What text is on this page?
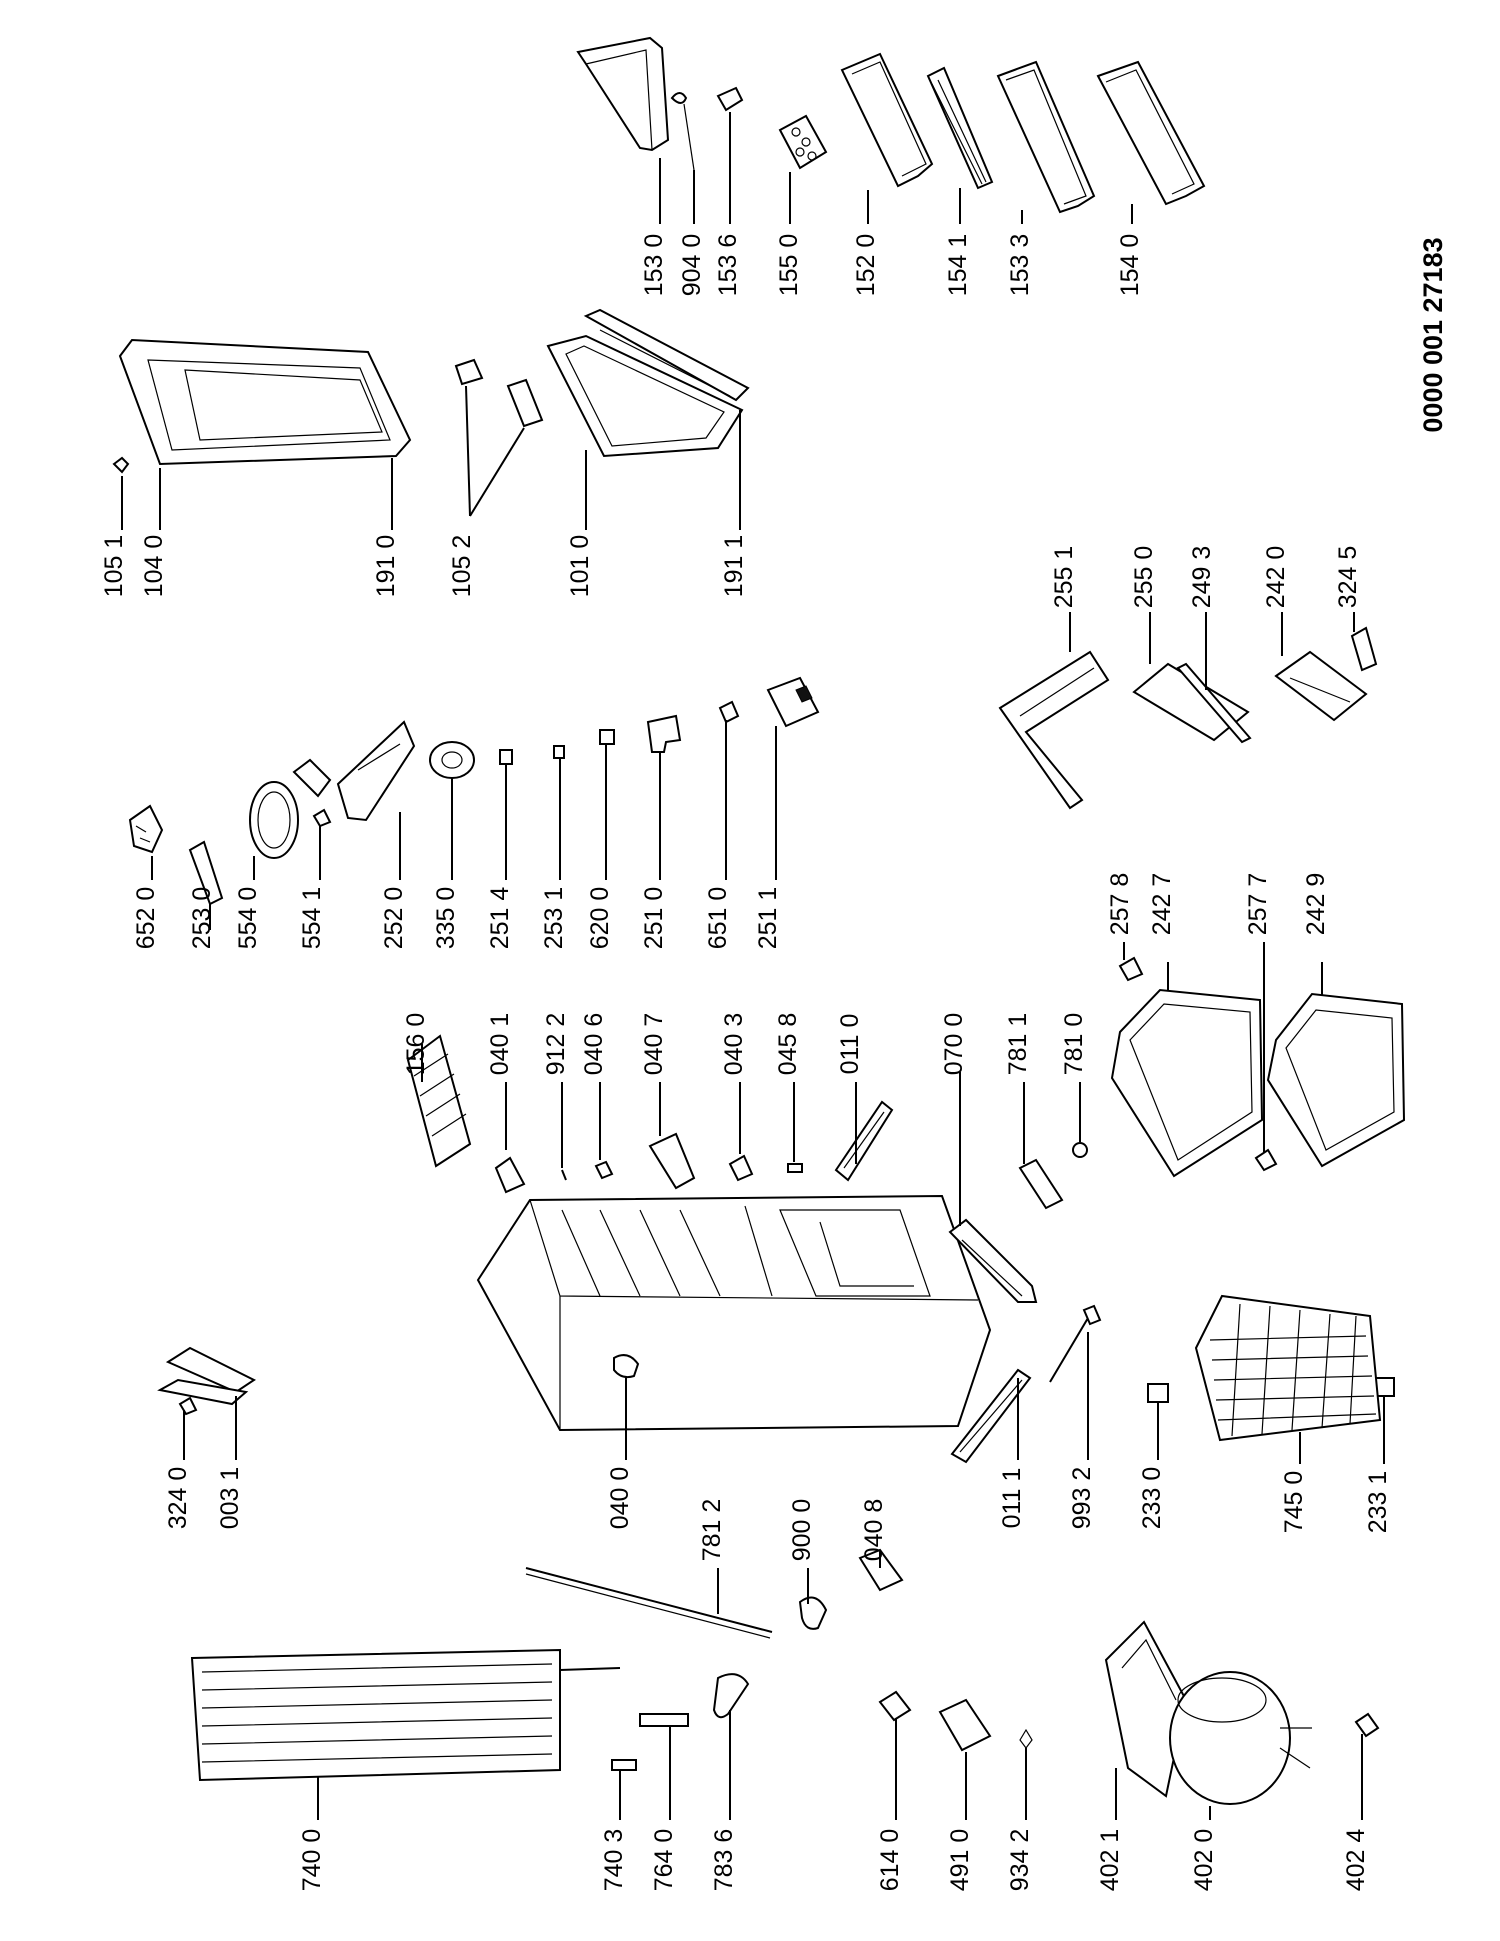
105 1 104 0	191 0 105 2	101 0	191 1
153 0 904 0 153 6 155 0 152 0	154 1 153 3	154 0
652 0 253 0 554 0 554 1 252 0 335 0 251 4 253 1 620 0 251 0 651 0 251 1
255 1 255 0 249 3 242 0 324 5
156 0 040 1 912 2 040 6 040 7 040 3 045 8 011 0	070 0 781 1 781 0
257 8 242 7	257 7 242 9
324 0 003 1	040 0
781 2 900 0 040 8
011 1 993 2 233 0	745 0 233 1
740 0	740 3 764 0 783 6	614 0 491 0 934 2 402 1	402 0	402 4
0000 001 27183
